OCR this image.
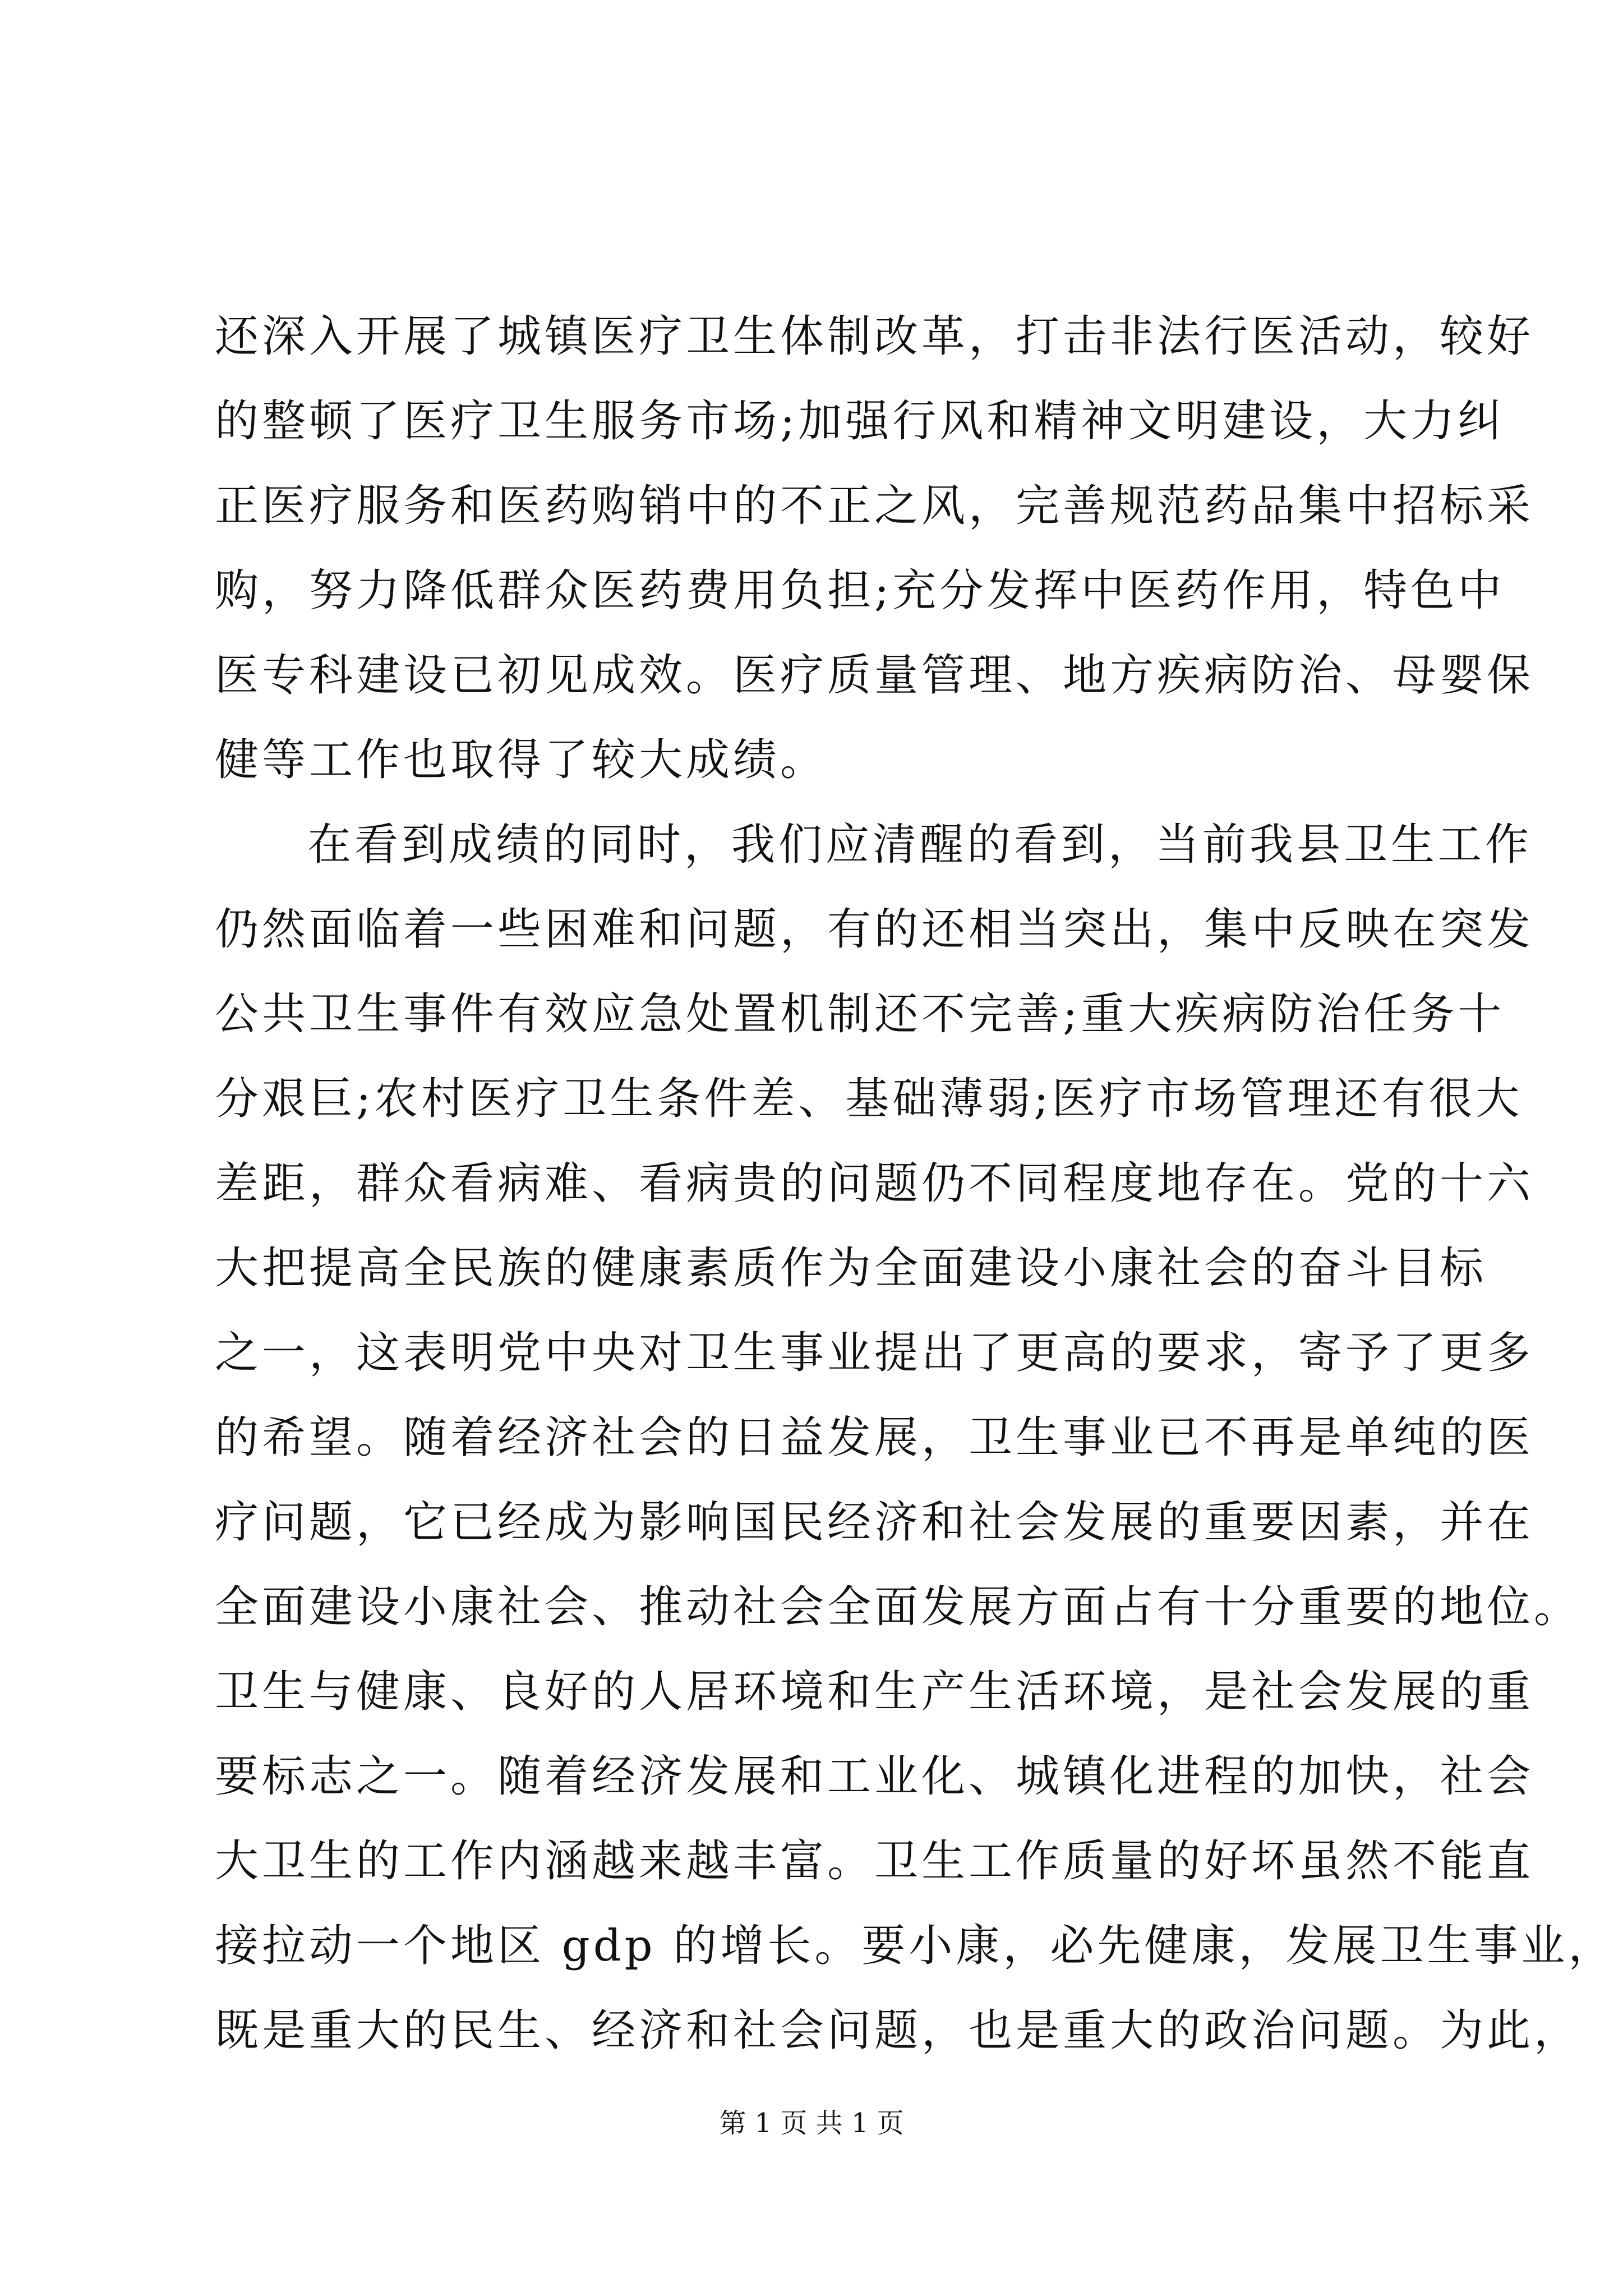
还深入开展了城镇医疗卫生体制改革，打击非法行医活动，较好
的整顿了医疗卫生服务市场;加强行风和精神文明建设，大力纠
正医疗服务和医药购销中的不正之风，完善规范药品集中招标采
购，努力降低群众医药费用负担;充分发挥中医药作用，特色中
医专科建设已初见成效。医疗质量管理、地方疾病防治、母婴保
健等工作也取得了较大成绩。
在看到成绩的同时，我们应清醒的看到，当前我县卫生工作
仍然面临着一些困难和问题，有的还相当突出，集中反映在突发
公共卫生事件有效应急处置机制还不完善;重大疾病防治任务十
分艰巨;农村医疗卫生条件差、基础薄弱;医疗市场管理还有很大
差距，群众看病难、看病贵的问题仍不同程度地存在。党的十六
大把提高全民族的健康素质作为全面建设小康社会的奋斗目标
之一，这表明党中央对卫生事业提出了更高的要求，寄予了更多
的希望。随着经济社会的日益发展，卫生事业已不再是单纯的医
疗问题，它已经成为影响国民经济和社会发展的重要因素，并在
全面建设小康社会、推动社会全面发展方面占有十分重要的地位。
卫生与健康、良好的人居环境和生产生活环境，是社会发展的重
要标志之一。随着经济发展和工业化、城镇化进程的加快，社会
大卫生的工作内涵越来越丰富。卫生工作质量的好坏虽然不能直
接拉动一个地区 gdp 的增长。要小康，必先健康，发展卫生事业，
既是重大的民生、经济和社会问题，也是重大的政治问题。为此，
第 1 页 共 1 页
